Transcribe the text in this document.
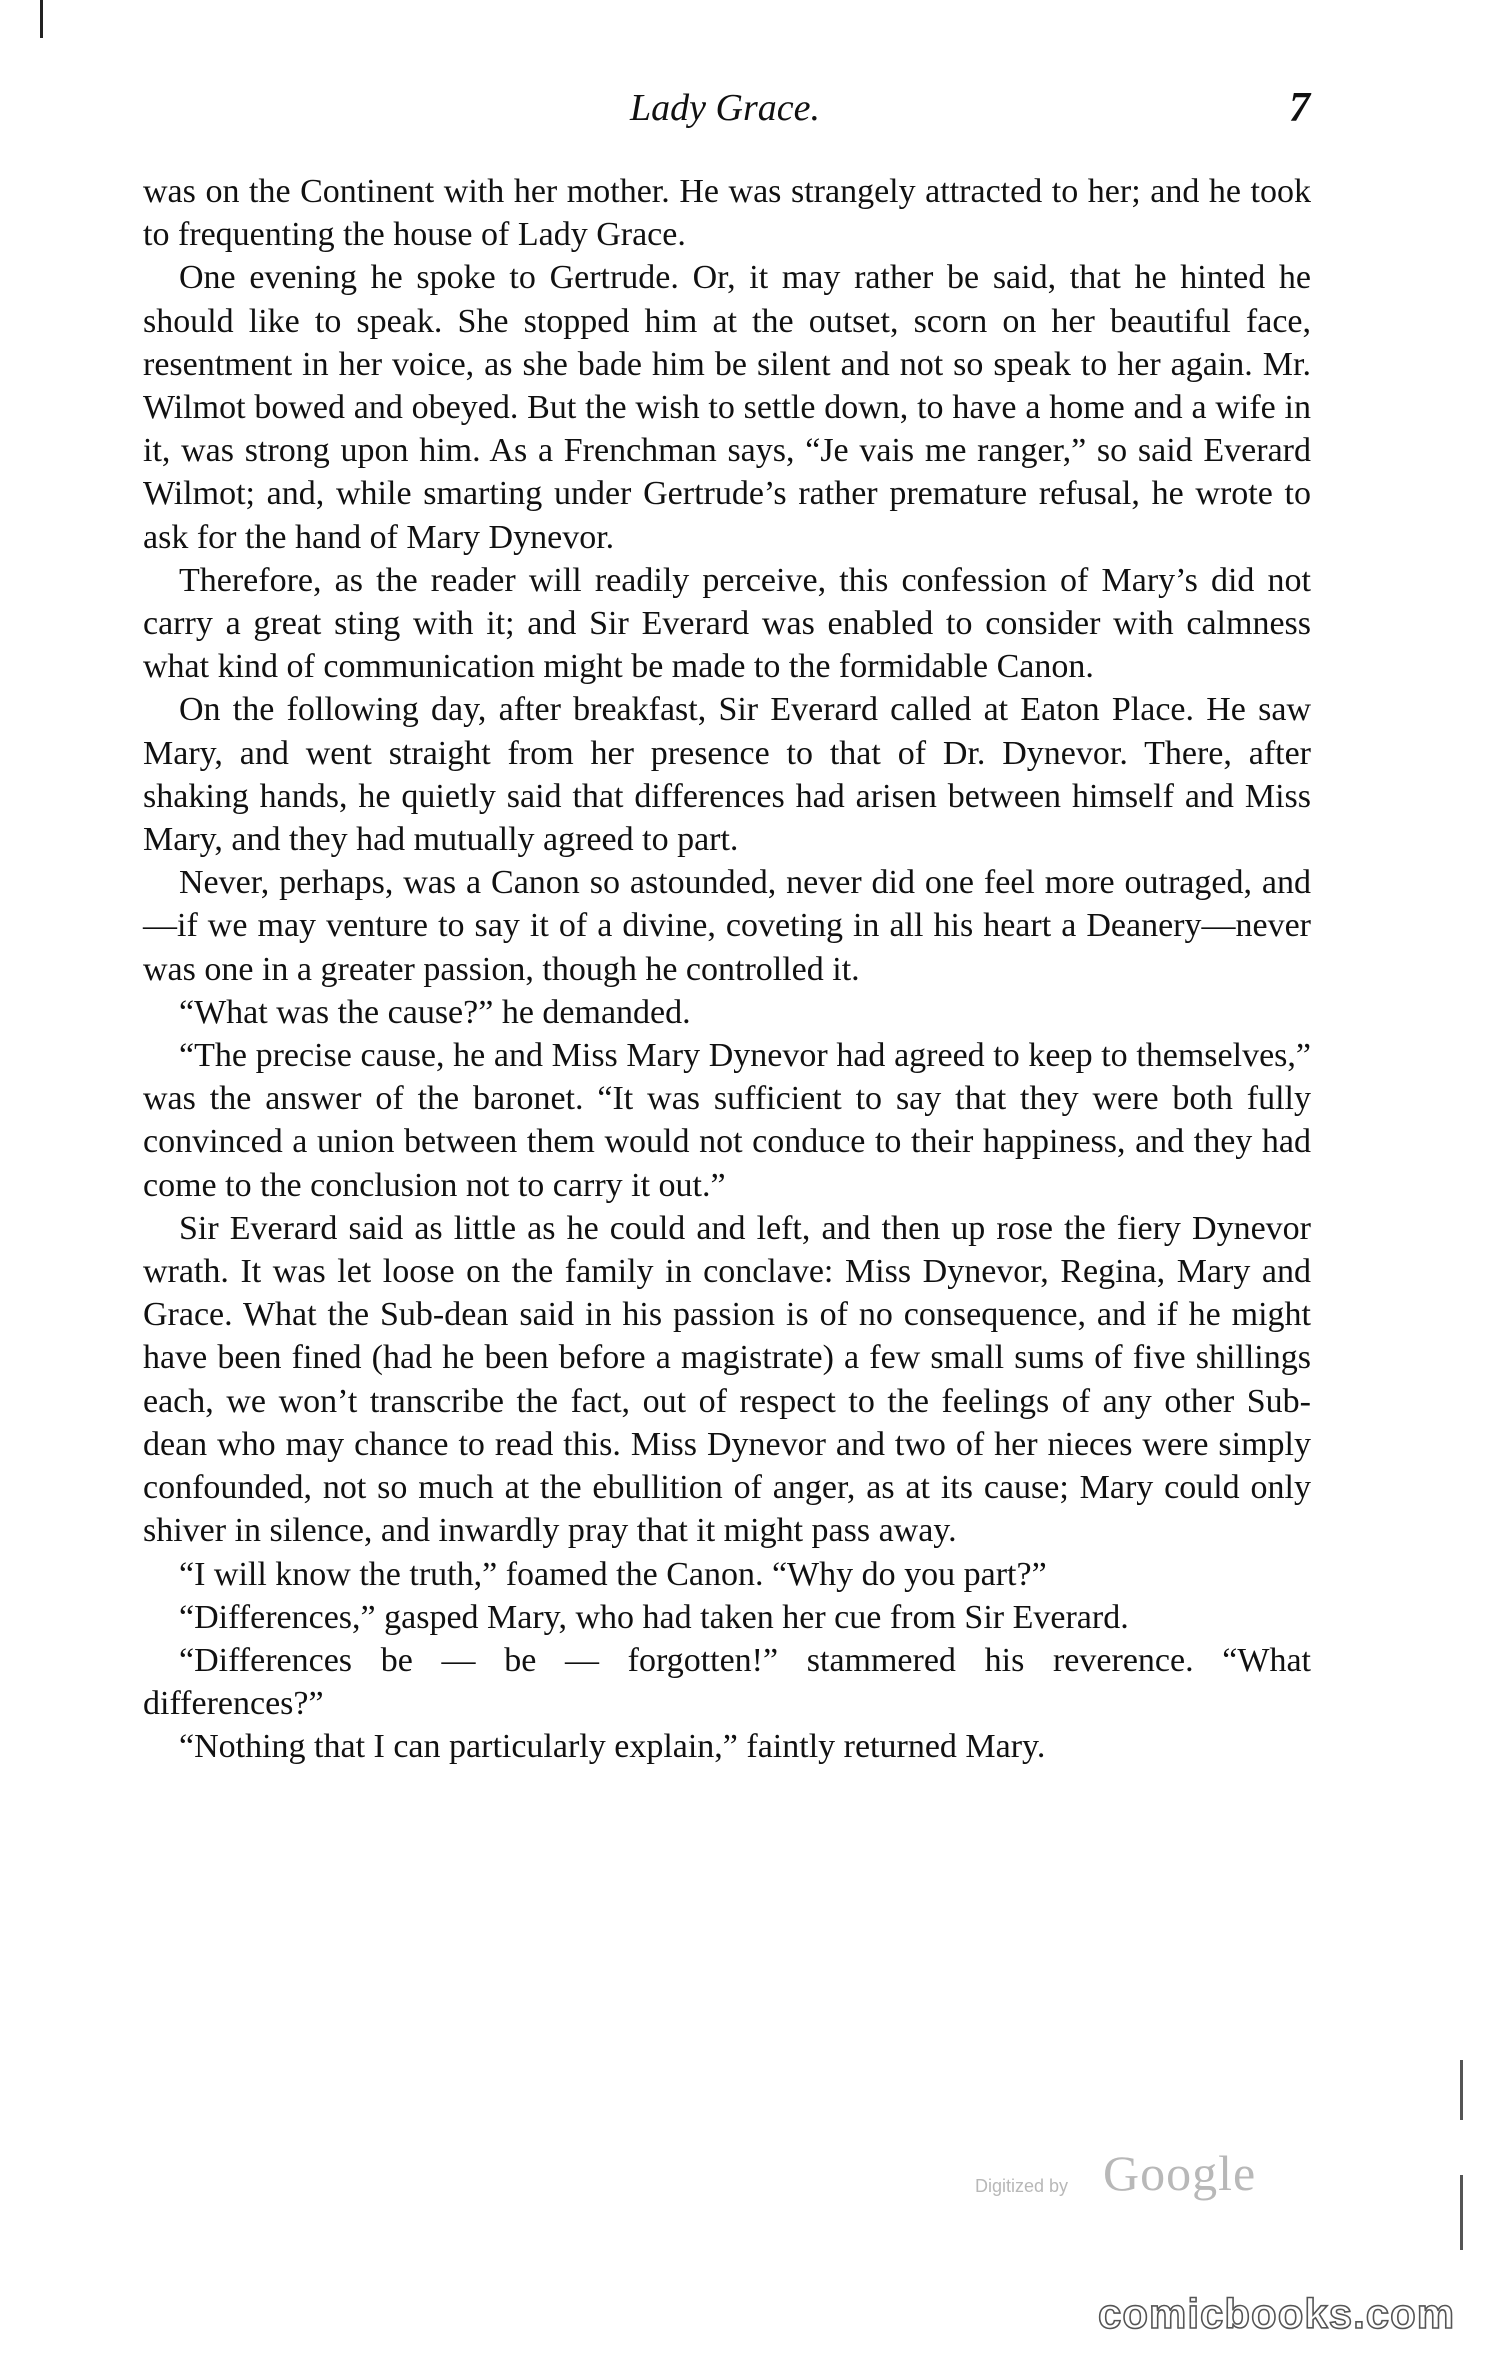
Lady Grace.	7

was on the Continent with her mother. He was strangely attracted to her; and he took to frequenting the house of Lady Grace.

One evening he spoke to Gertrude. Or, it may rather be said, that he hinted he should like to speak. She stopped him at the outset, scorn on her beautiful face, resentment in her voice, as she bade him be silent and not so speak to her again. Mr. Wilmot bowed and obeyed. But the wish to settle down, to have a home and a wife in it, was strong upon him. As a Frenchman says, “Je vais me ranger,” so said Everard Wilmot; and, while smarting under Gertrude’s rather premature refusal, he wrote to ask for the hand of Mary Dynevor.

Therefore, as the reader will readily perceive, this confession of Mary’s did not carry a great sting with it; and Sir Everard was enabled to consider with calmness what kind of communication might be made to the formidable Canon.

On the following day, after breakfast, Sir Everard called at Eaton Place. He saw Mary, and went straight from her presence to that of Dr. Dynevor. There, after shaking hands, he quietly said that differences had arisen between himself and Miss Mary, and they had mutually agreed to part.

Never, perhaps, was a Canon so astounded, never did one feel more outraged, and—if we may venture to say it of a divine, coveting in all his heart a Deanery—never was one in a greater passion, though he controlled it.

“What was the cause?” he demanded.

“The precise cause, he and Miss Mary Dynevor had agreed to keep to themselves,” was the answer of the baronet. “It was sufficient to say that they were both fully convinced a union between them would not conduce to their happiness, and they had come to the conclusion not to carry it out.”

Sir Everard said as little as he could and left, and then up rose the fiery Dynevor wrath. It was let loose on the family in conclave: Miss Dynevor, Regina, Mary and Grace. What the Sub-dean said in his passion is of no consequence, and if he might have been fined (had he been before a magistrate) a few small sums of five shillings each, we won’t transcribe the fact, out of respect to the feelings of any other Sub-dean who may chance to read this. Miss Dynevor and two of her nieces were simply confounded, not so much at the ebullition of anger, as at its cause; Mary could only shiver in silence, and inwardly pray that it might pass away.

“I will know the truth,” foamed the Canon. “Why do you part?”

“Differences,” gasped Mary, who had taken her cue from Sir Everard.

“Differences be — be — forgotten!” stammered his reverence. “What differences?”

“Nothing that I can particularly explain,” faintly returned Mary.

Digitized by Google
comicbooks.com
